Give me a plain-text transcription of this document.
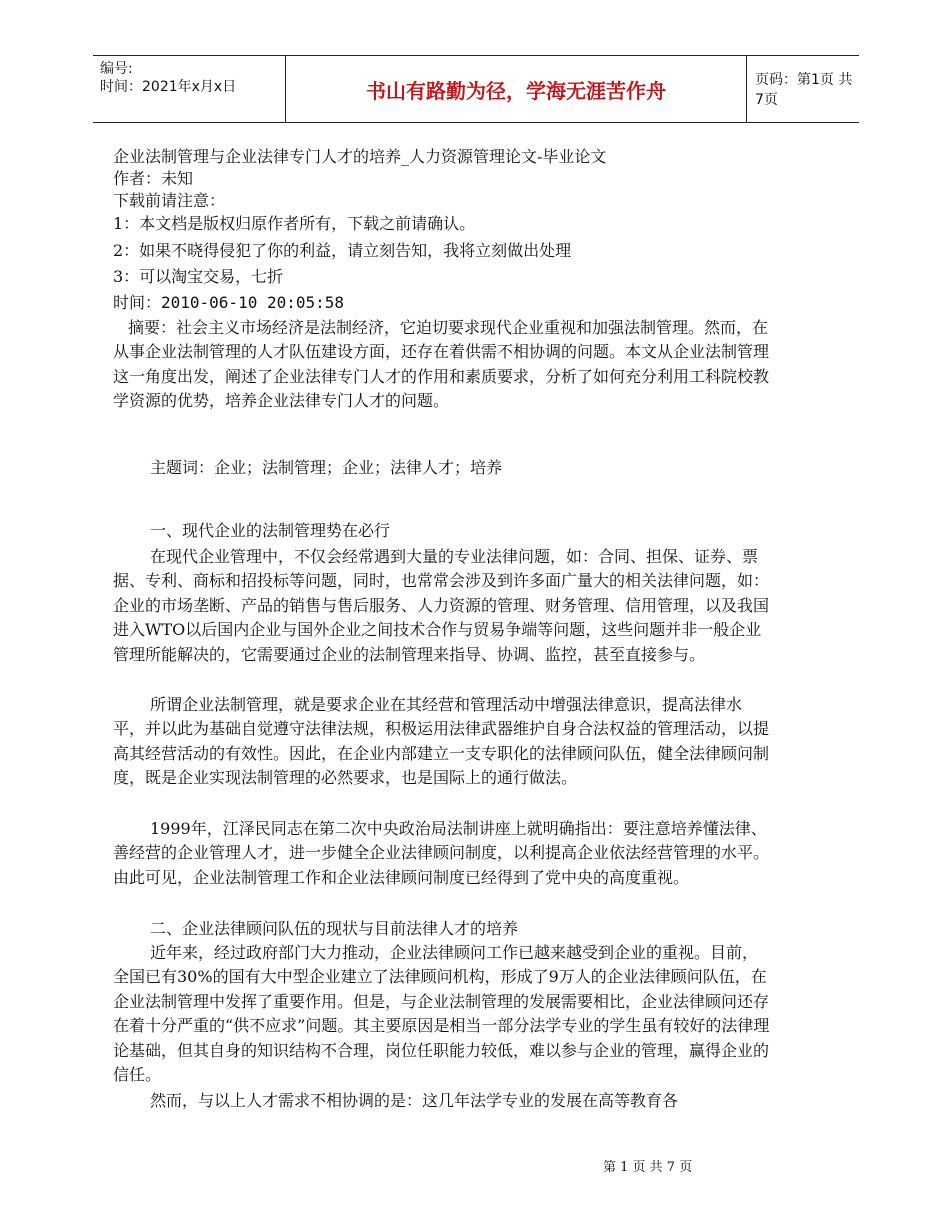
编号:
时间：2021年x月x日	书山有路勤为径，学海无涯苦作舟	页码：第1页 共7页
企业法制管理与企业法律专门人才的培养_人力资源管理论文-毕业论文
作者：未知
下载前请注意：
1：本文档是版权归原作者所有，下载之前请确认。
2：如果不晓得侵犯了你的利益，请立刻告知，我将立刻做出处理
3：可以淘宝交易，七折
时间：2010-06-10 20:05:58

摘要：社会主义市场经济是法制经济，它迫切要求现代企业重视和加强法制管理。然而，在从事企业法制管理的人才队伍建设方面，还存在着供需不相协调的问题。本文从企业法制管理这一角度出发，阐述了企业法律专门人才的作用和素质要求，分析了如何充分利用工科院校教学资源的优势，培养企业法律专门人才的问题。

主题词：企业；法制管理；企业；法律人才；培养
一、现代企业的法制管理势在必行

在现代企业管理中，不仅会经常遇到大量的专业法律问题，如：合同、担保、证券、票据、专利、商标和招投标等问题，同时，也常常会涉及到许多面广量大的相关法律问题，如：企业的市场垄断、产品的销售与售后服务、人力资源的管理、财务管理、信用管理，以及我国进入WTO以后国内企业与国外企业之间技术合作与贸易争端等问题，这些问题并非一般企业管理所能解决的，它需要通过企业的法制管理来指导、协调、监控，甚至直接参与。

所谓企业法制管理，就是要求企业在其经营和管理活动中增强法律意识，提高法律水平，并以此为基础自觉遵守法律法规，积极运用法律武器维护自身合法权益的管理活动，以提高其经营活动的有效性。因此，在企业内部建立一支专职化的法律顾问队伍，健全法律顾问制度，既是企业实现法制管理的必然要求，也是国际上的通行做法。

1999年，江泽民同志在第二次中央政治局法制讲座上就明确指出：要注意培养懂法律、善经营的企业管理人才，进一步健全企业法律顾问制度，以利提高企业依法经营管理的水平。由此可见，企业法制管理工作和企业法律顾问制度已经得到了党中央的高度重视。

二、企业法律顾问队伍的现状与目前法律人才的培养

近年来，经过政府部门大力推动，企业法律顾问工作已越来越受到企业的重视。目前，全国已有30%的国有大中型企业建立了法律顾问机构，形成了9万人的企业法律顾问队伍，在企业法制管理中发挥了重要作用。但是，与企业法制管理的发展需要相比，企业法律顾问还存在着十分严重的“供不应求”问题。其主要原因是相当一部分法学专业的学生虽有较好的法律理论基础，但其自身的知识结构不合理，岗位任职能力较低，难以参与企业的管理，赢得企业的信任。

然而，与以上人才需求不相协调的是：这几年法学专业的发展在高等教育各

第 1 页 共 7 页
